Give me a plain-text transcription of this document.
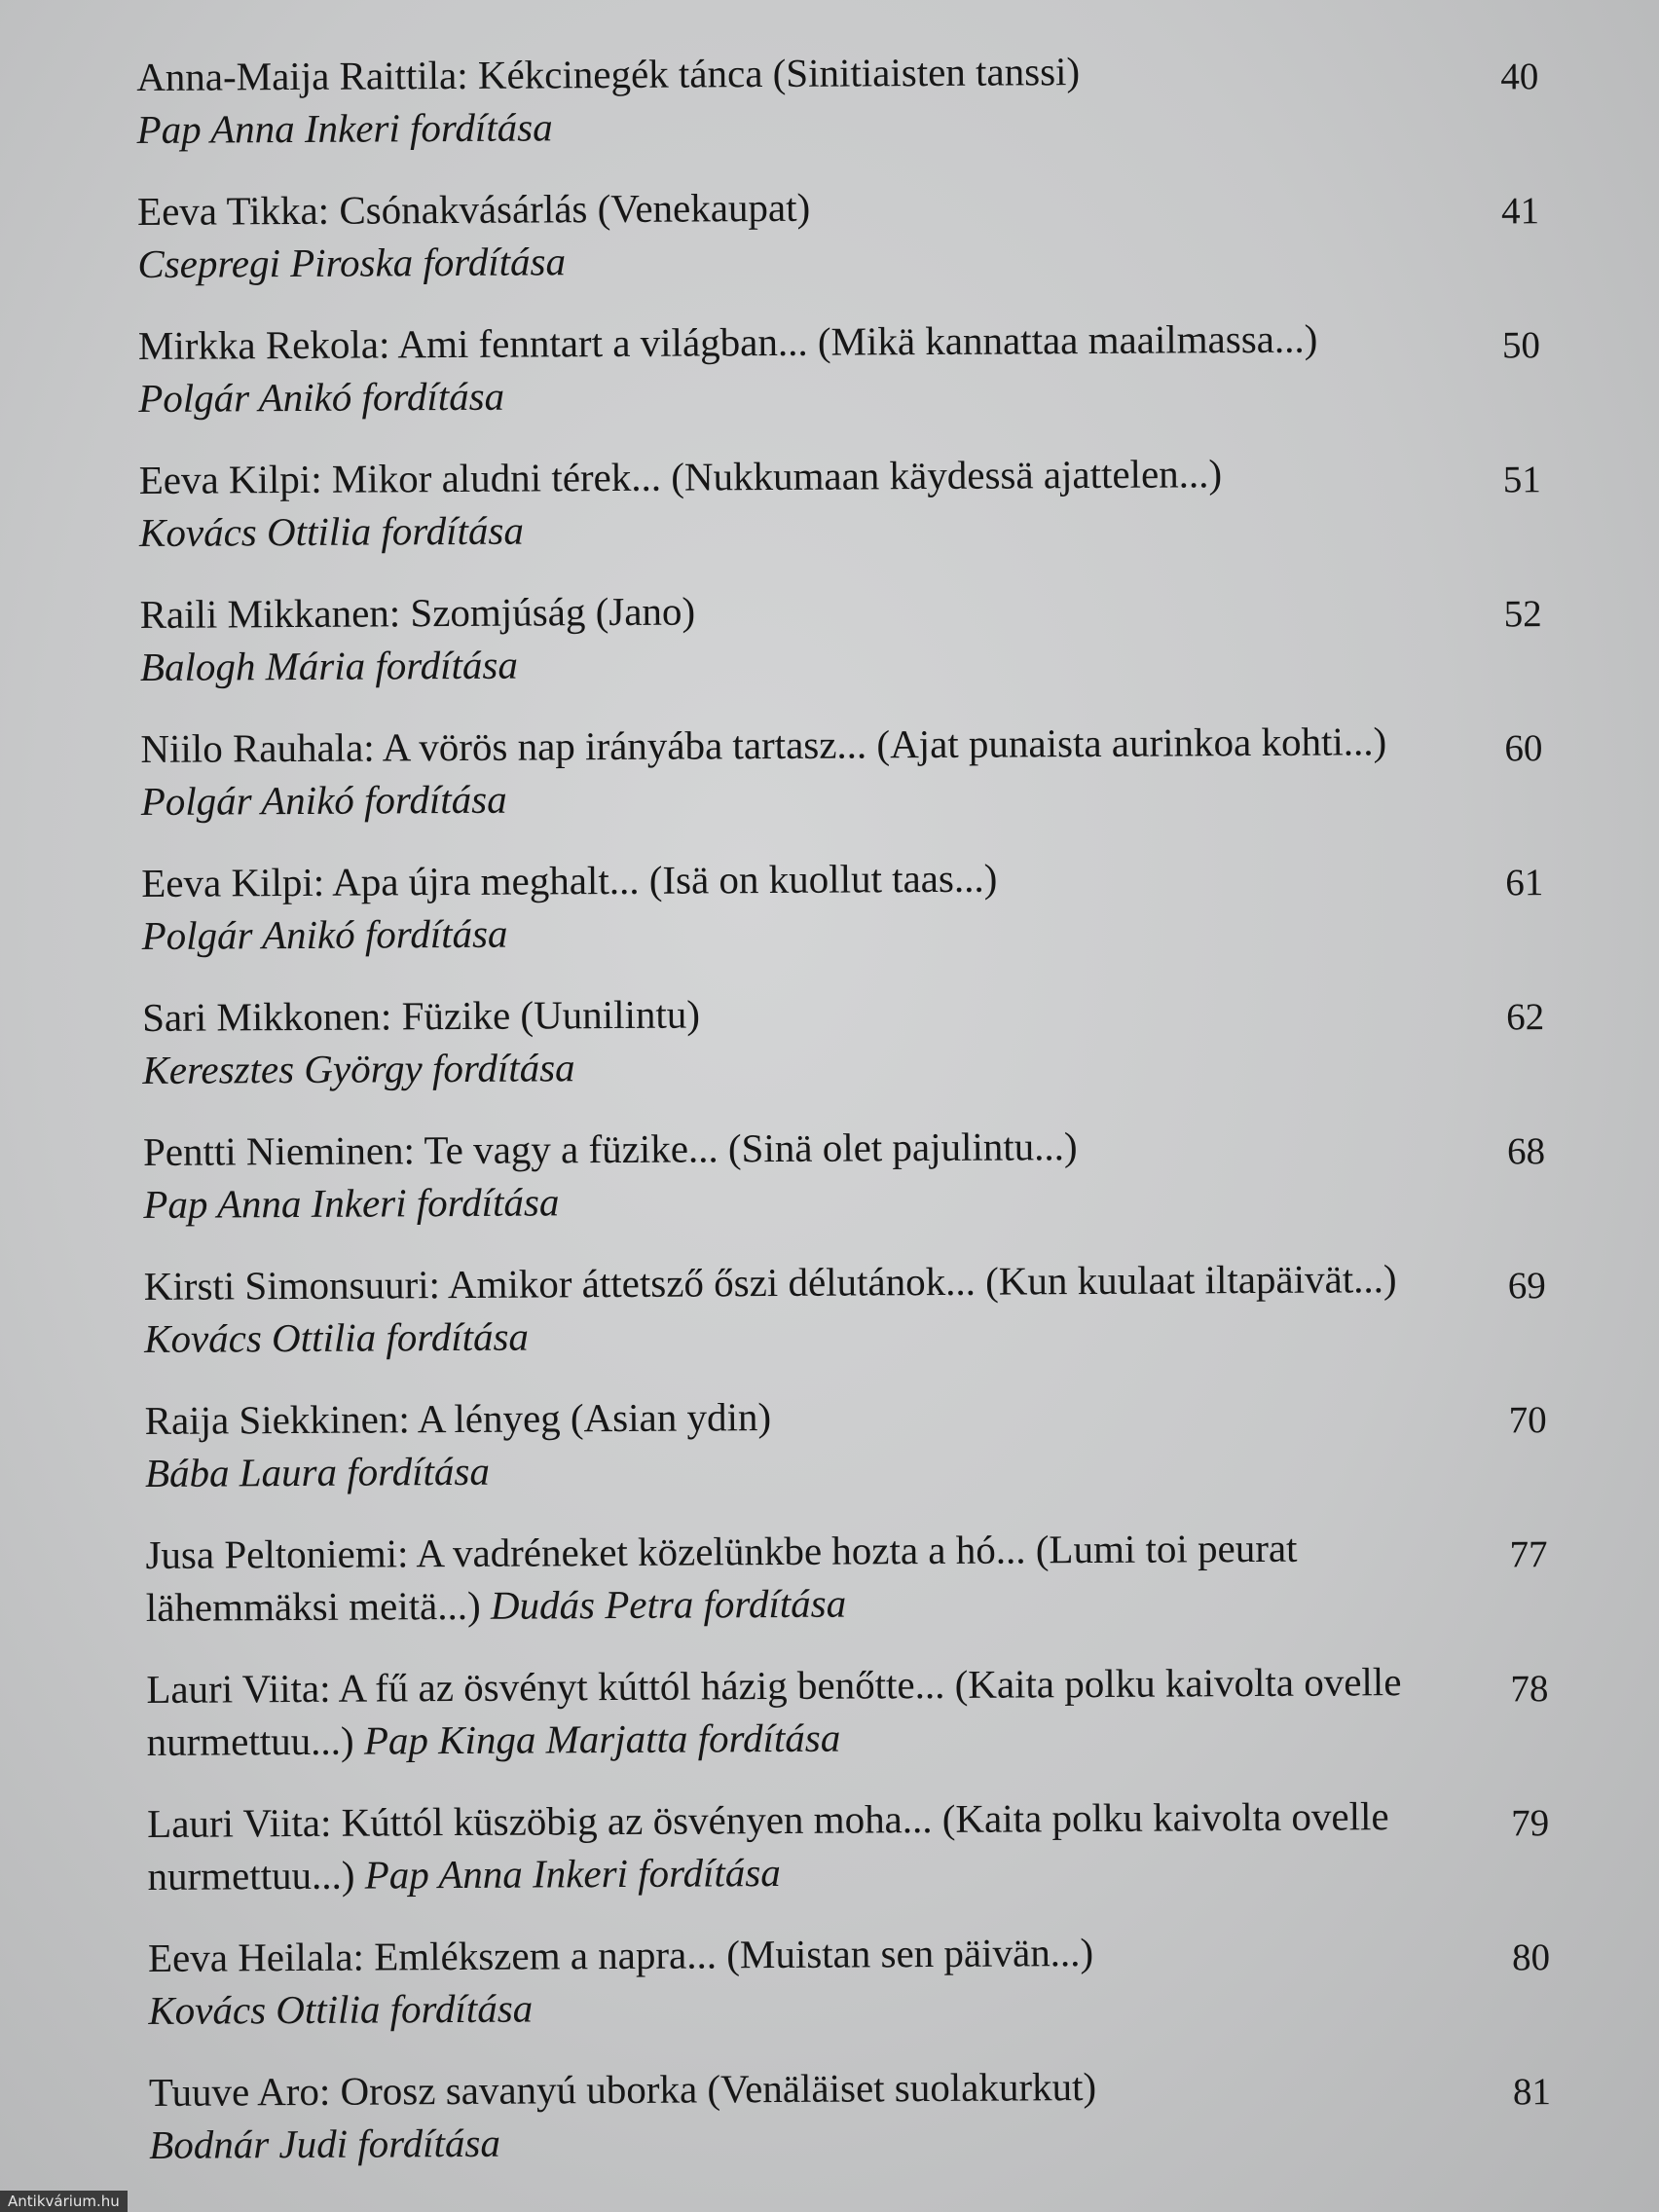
Anna-Maija Raittila: Kékcinegék tánca (Sinitiaisten tanssi)
Pap Anna Inkeri fordítása
40
Eeva Tikka: Csónakvásárlás (Venekaupat)
Csepregi Piroska fordítása
41
Mirkka Rekola: Ami fenntart a világban... (Mikä kannattaa maailmassa...)
Polgár Anikó fordítása
50
Eeva Kilpi: Mikor aludni térek... (Nukkumaan käydessä ajattelen...)
Kovács Ottilia fordítása
51
Raili Mikkanen: Szomjúság (Jano)
Balogh Mária fordítása
52
Niilo Rauhala: A vörös nap irányába tartasz... (Ajat punaista aurinkoa kohti...) Polgár Anikó fordítása
60
Eeva Kilpi: Apa újra meghalt... (Isä on kuollut taas...)
Polgár Anikó fordítása
61
Sari Mikkonen: Füzike (Uunilintu)
Keresztes György fordítása
62
Pentti Nieminen: Te vagy a füzike... (Sinä olet pajulintu...)
Pap Anna Inkeri fordítása
68
Kirsti Simonsuuri: Amikor áttetsző őszi délutánok... (Kun kuulaat iltapäivät...) Kovács Ottilia fordítása
69
Raija Siekkinen: A lényeg (Asian ydin)
Bába Laura fordítása
70
Jusa Peltoniemi: A vadréneket közelünkbe hozta a hó... (Lumi toi peurat lähemmäksi meitä...) Dudás Petra fordítása
77
Lauri Viita: A fű az ösvényt kúttól házig benőtte... (Kaita polku kaivolta ovelle nurmettuu...) Pap Kinga Marjatta fordítása
78
Lauri Viita: Kúttól küszöbig az ösvényen moha... (Kaita polku kaivolta ovelle nurmettuu...) Pap Anna Inkeri fordítása
79
Eeva Heilala: Emlékszem a napra... (Muistan sen päivän...)
Kovács Ottilia fordítása
80
Tuuve Aro: Orosz savanyú uborka (Venäläiset suolakurkut)
Bodnár Judi fordítása
81
Antikvárium.hu
